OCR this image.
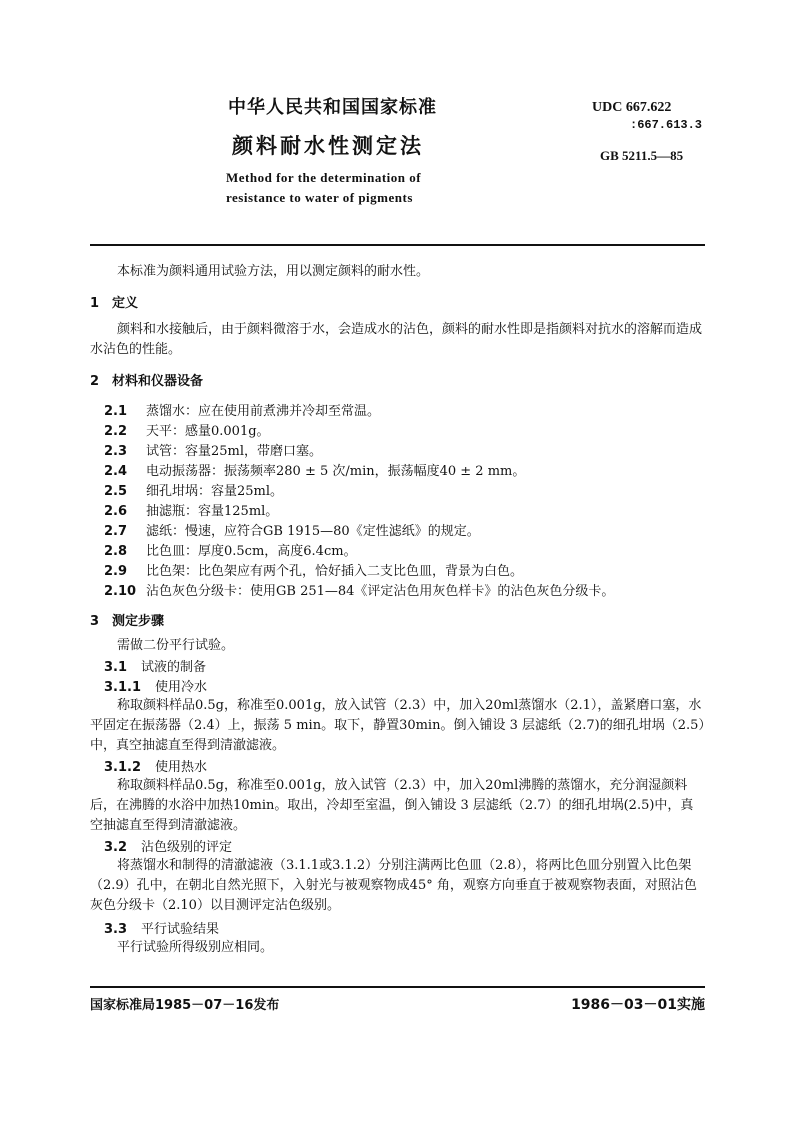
中华人民共和国国家标准
颜料耐水性测定法
Method for the determination of
resistance to water of pigments
UDC 667.622
:667.613.3
GB 5211.5—85
本标准为颜料通用试验方法，用以测定颜料的耐水性。
1 定义
颜料和水接触后，由于颜料微溶于水，会造成水的沾色，颜料的耐水性即是指颜料对抗水的溶解而造成水沾色的性能。
2 材料和仪器设备
2.1 蒸馏水：应在使用前煮沸并冷却至常温。
2.2 天平：感量0.001g。
2.3 试管：容量25ml，带磨口塞。
2.4 电动振荡器：振荡频率280 ± 5 次/min，振荡幅度40 ± 2 mm。
2.5 细孔坩埚：容量25ml。
2.6 抽滤瓶：容量125ml。
2.7 滤纸：慢速，应符合GB 1915—80《定性滤纸》的规定。
2.8 比色皿：厚度0.5cm，高度6.4cm。
2.9 比色架：比色架应有两个孔，恰好插入二支比色皿，背景为白色。
2.10 沾色灰色分级卡：使用GB 251—84《评定沾色用灰色样卡》的沾色灰色分级卡。
3 测定步骤
需做二份平行试验。
3.1 试液的制备
3.1.1 使用冷水
称取颜料样品0.5g，称准至0.001g，放入试管（2.3）中，加入20ml蒸馏水（2.1），盖紧磨口塞，水平固定在振荡器（2.4）上，振荡 5 min。取下，静置30min。倒入铺设 3 层滤纸（2.7)的细孔坩埚（2.5）中，真空抽滤直至得到清澈滤液。
3.1.2 使用热水
称取颜料样品0.5g，称准至0.001g，放入试管（2.3）中，加入20ml沸腾的蒸馏水，充分润湿颜料后，在沸腾的水浴中加热10min。取出，冷却至室温，倒入铺设 3 层滤纸（2.7）的细孔坩埚(2.5)中，真空抽滤直至得到清澈滤液。
3.2 沾色级别的评定
将蒸馏水和制得的清澈滤液（3.1.1或3.1.2）分别注满两比色皿（2.8），将两比色皿分别置入比色架（2.9）孔中，在朝北自然光照下，入射光与被观察物成45° 角，观察方向垂直于被观察物表面，对照沾色灰色分级卡（2.10）以目测评定沾色级别。
3.3 平行试验结果
平行试验所得级别应相同。
国家标准局1985－07－16发布	1986－03－01实施
